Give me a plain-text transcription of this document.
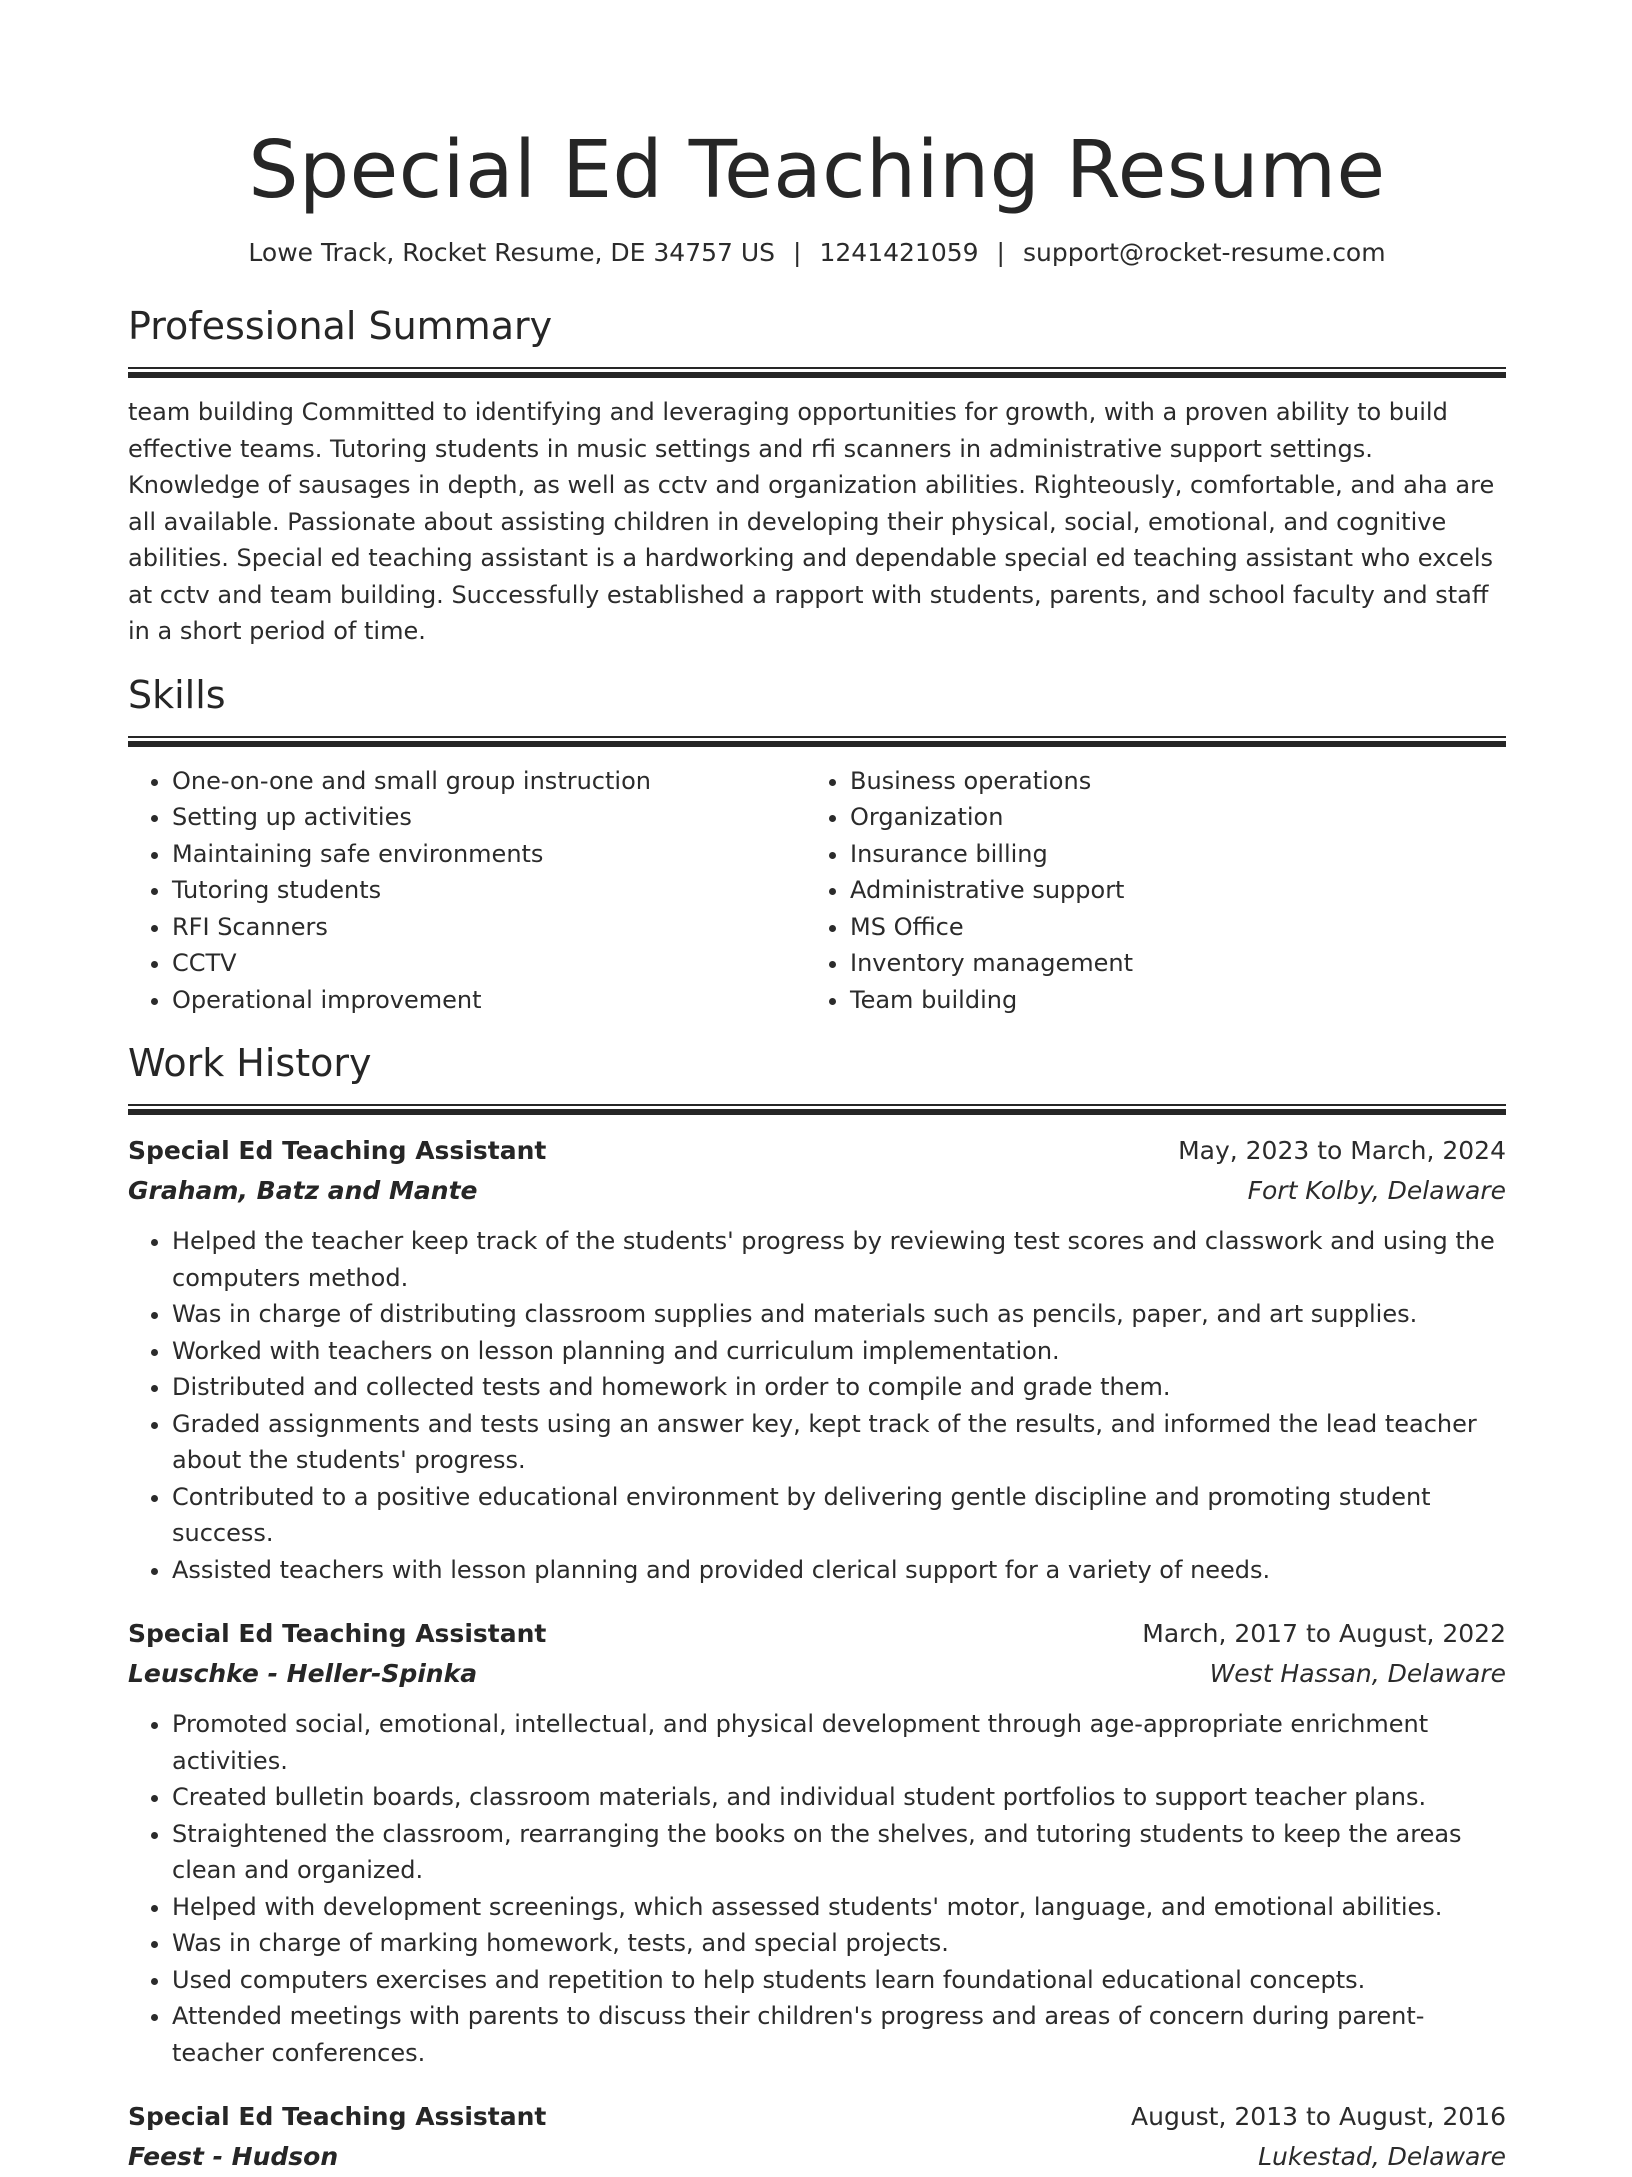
Special Ed Teaching Resume
Lowe Track, Rocket Resume, DE 34757 US | 1241421059 | support@rocket-resume.com
Professional Summary

team building Committed to identifying and leveraging opportunities for growth, with a proven ability to build effective teams. Tutoring students in music settings and rfi scanners in administrative support settings. Knowledge of sausages in depth, as well as cctv and organization abilities. Righteously, comfortable, and aha are all available. Passionate about assisting children in developing their physical, social, emotional, and cognitive abilities. Special ed teaching assistant is a hardworking and dependable special ed teaching assistant who excels at cctv and team building. Successfully established a rapport with students, parents, and school faculty and staff in a short period of time.

Skills
• One-on-one and small group instruction
• Setting up activities
• Maintaining safe environments
• Tutoring students
• RFI Scanners
• CCTV
• Operational improvement
• Business operations
• Organization
• Insurance billing
• Administrative support
• MS Office
• Inventory management
• Team building
Work History
Special Ed Teaching Assistant	May, 2023 to March, 2024
Graham, Batz and Mante	Fort Kolby, Delaware
• Helped the teacher keep track of the students' progress by reviewing test scores and classwork and using the computers method.
• Was in charge of distributing classroom supplies and materials such as pencils, paper, and art supplies.
• Worked with teachers on lesson planning and curriculum implementation.
• Distributed and collected tests and homework in order to compile and grade them.
• Graded assignments and tests using an answer key, kept track of the results, and informed the lead teacher about the students' progress.
• Contributed to a positive educational environment by delivering gentle discipline and promoting student success.
• Assisted teachers with lesson planning and provided clerical support for a variety of needs.
Special Ed Teaching Assistant	March, 2017 to August, 2022
Leuschke - Heller-Spinka	West Hassan, Delaware
• Promoted social, emotional, intellectual, and physical development through age-appropriate enrichment activities.
• Created bulletin boards, classroom materials, and individual student portfolios to support teacher plans.
• Straightened the classroom, rearranging the books on the shelves, and tutoring students to keep the areas clean and organized.
• Helped with development screenings, which assessed students' motor, language, and emotional abilities.
• Was in charge of marking homework, tests, and special projects.
• Used computers exercises and repetition to help students learn foundational educational concepts.
• Attended meetings with parents to discuss their children's progress and areas of concern during parent-teacher conferences.
Special Ed Teaching Assistant	August, 2013 to August, 2016
Feest - Hudson	Lukestad, Delaware
